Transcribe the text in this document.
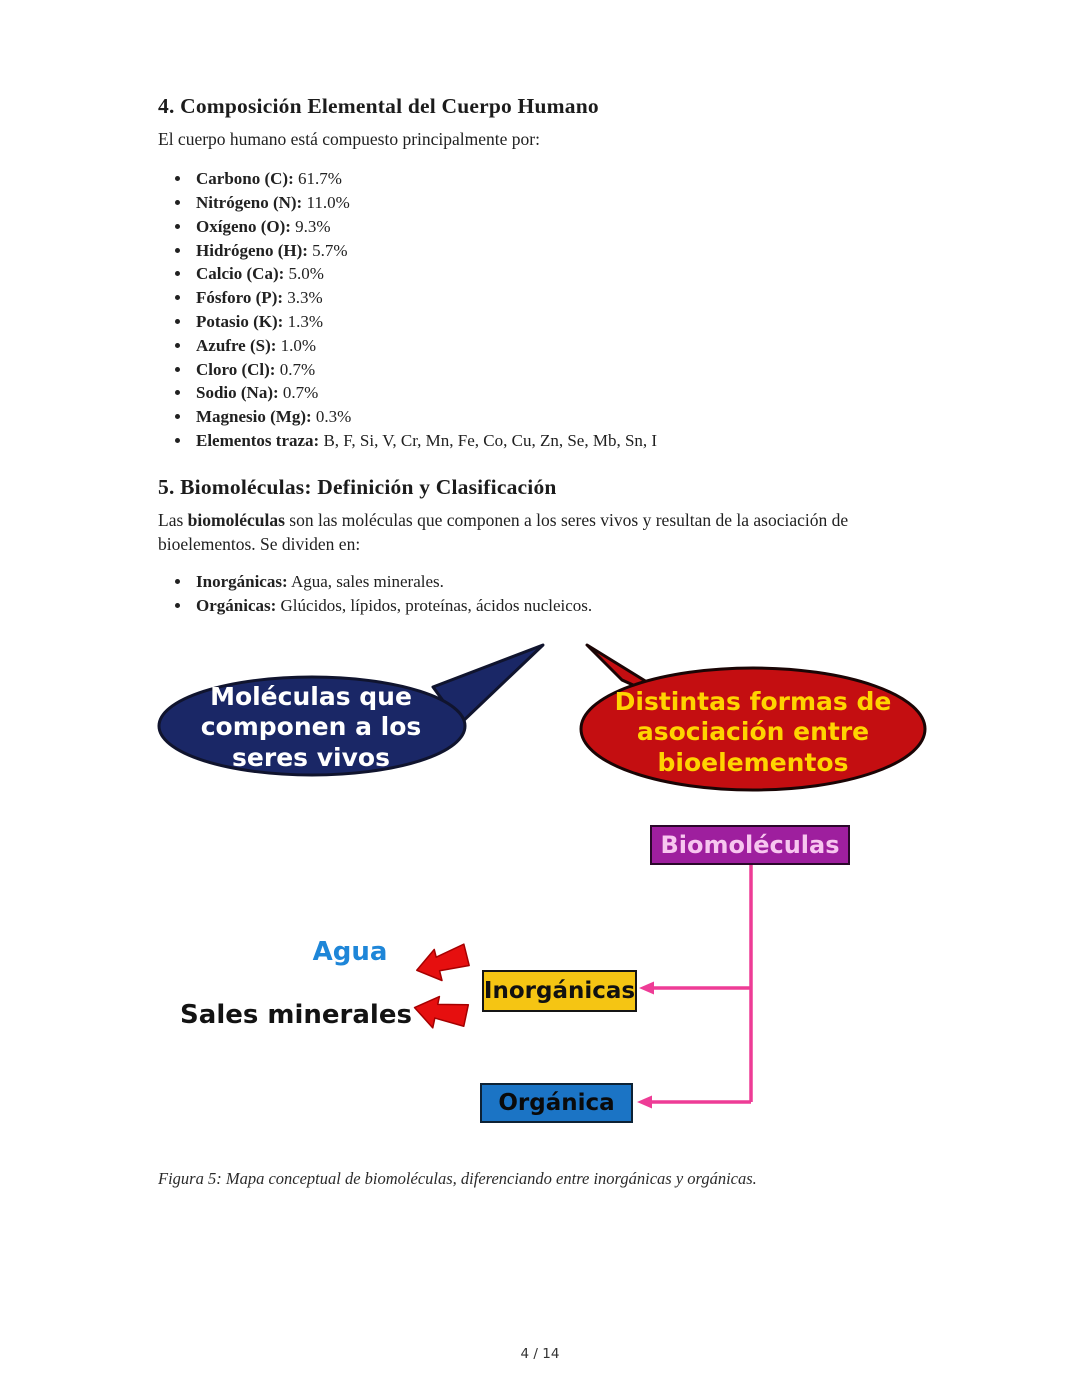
4. Composición Elemental del Cuerpo Humano

El cuerpo humano está compuesto principalmente por:

• Carbono (C): 61.7%
• Nitrógeno (N): 11.0%
• Oxígeno (O): 9.3%
• Hidrógeno (H): 5.7%
• Calcio (Ca): 5.0%
• Fósforo (P): 3.3%
• Potasio (K): 1.3%
• Azufre (S): 1.0%
• Cloro (Cl): 0.7%
• Sodio (Na): 0.7%
• Magnesio (Mg): 0.3%
• Elementos traza: B, F, Si, V, Cr, Mn, Fe, Co, Cu, Zn, Se, Mb, Sn, I
5. Biomoléculas: Definición y Clasificación

Las biomoléculas son las moléculas que componen a los seres vivos y resultan de la asociación de bioelementos. Se dividen en:

• Inorgánicas: Agua, sales minerales.
• Orgánicas: Glúcidos, lípidos, proteínas, ácidos nucleicos.
Moléculas que componen a los seres vivos
Distintas formas de asociación entre bioelementos
Biomoléculas
Inorgánicas
Orgánica
Agua
Sales minerales

Figura 5: Mapa conceptual de biomoléculas, diferenciando entre inorgánicas y orgánicas.

4 / 14
